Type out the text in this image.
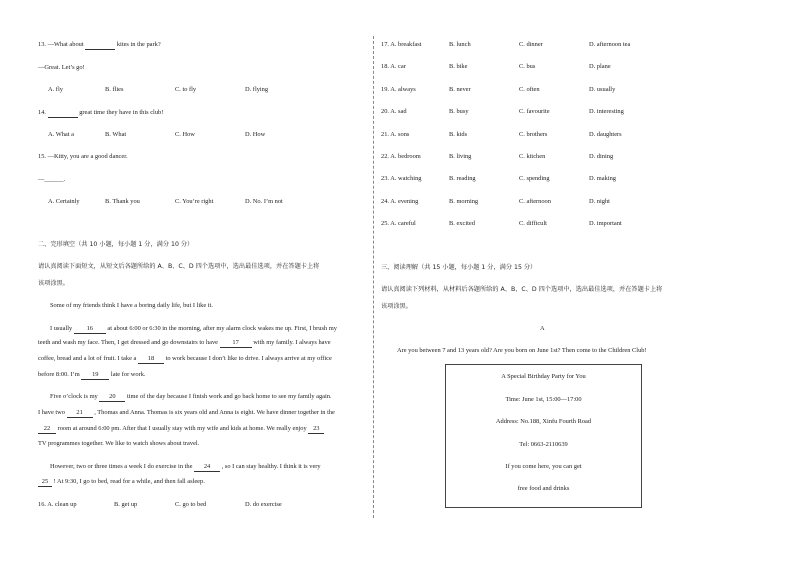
13. —What about	kites in the park?
—Great. Let’s go!
A. fly	B. flies	C. to fly	D. flying
14.	great time they have in this club!
A. What a	B. What	C. How	D. How
15. —Kitty, you are a good dancer.
—______.
A. Certainly	B. Thank you	C. You’re right	D. No. I’m not
二、完形填空（共 10 小题，每小题 1 分，满分 10 分）
请认真阅读下面短文，从短文后各题所给的 A、B、C、D 四个选项中，选出最佳选项，并在答题卡上将
该项涂黑。
Some of my friends think I have a boring daily life, but I like it.
I usually 16 at about 6:00 or 6:30 in the morning, after my alarm clock wakes me up. First, I brush my
teeth and wash my face. Then, I get dressed and go downstairs to have 17 with my family. I always have
coffee, bread and a lot of fruit. I take a 18 to work because I don’t like to drive. I always arrive at my office
before 8:00. I’m 19 late for work.
Five o’clock is my 20 time of the day because I finish work and go back home to see my family again.
I have two 21 , Thomas and Anna. Thomas is six years old and Anna is eight. We have dinner together in the
22 room at around 6:00 pm. After that I usually stay with my wife and kids at home. We really enjoy 23
TV programmes together. We like to watch shows about travel.
However, two or three times a week I do exercise in the 24 , so I can stay healthy. I think it is very
25 ! At 9:30, I go to bed, read for a while, and then fall asleep.
16. A. clean up	B. get up	C. go to bed	D. do exercise
17. A. breakfast	B. lunch	C. dinner	D. afternoon tea
18. A. car	B. bike	C. bus	D. plane
19. A. always	B. never	C. often	D. usually
20. A. sad	B. busy	C. favourite	D. interesting
21. A. sons	B. kids	C. brothers	D. daughters
22. A. bedroom	B. living	C. kitchen	D. dining
23. A. watching	B. reading	C. spending	D. making
24. A. evening	B. morning	C. afternoon	D. night
25. A. careful	B. excited	C. difficult	D. important
三、阅读理解（共 15 小题，每小题 1 分，满分 15 分）
请认真阅读下列材料，从材料后各题所给的 A、B、C、D 四个选项中，选出最佳选项，并在答题卡上将
该项涂黑。
A
Are you between 7 and 13 years old? Are you born on June 1st? Then come to the Children Club!
A Special Birthday Party for You
Time: June 1st, 15:00—17:00
Address: No.188, Xinfu Fourth Road
Tel: 0663-2110639
If you come here, you can get
free food and drinks
